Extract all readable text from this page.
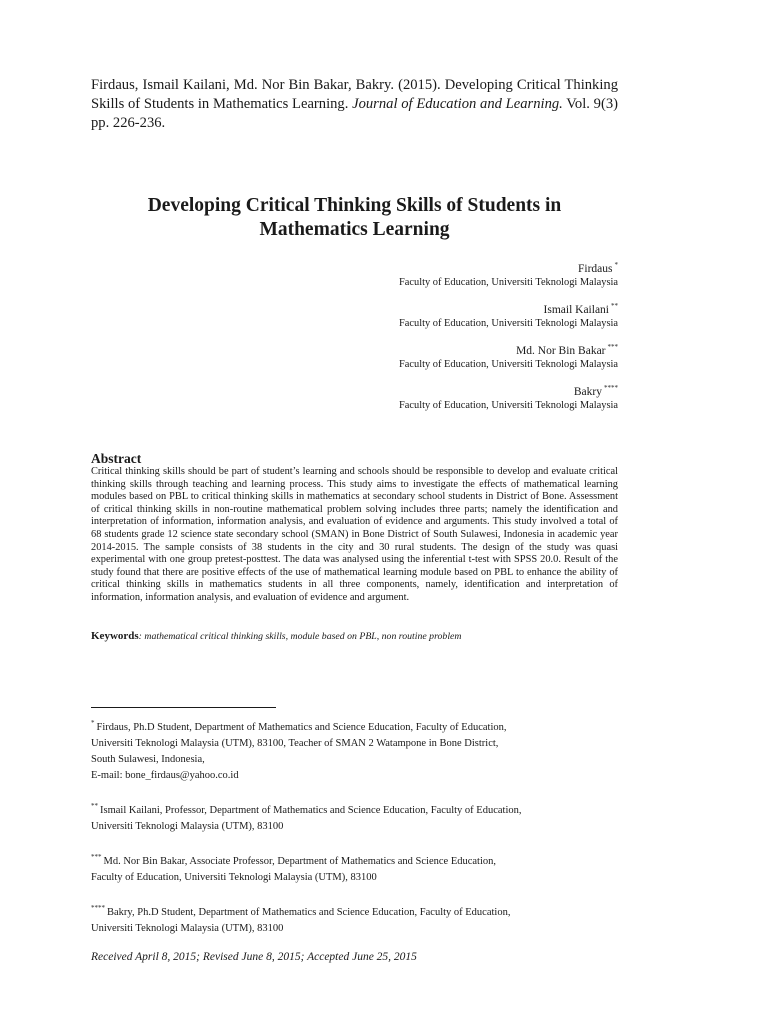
Firdaus, Ismail Kailani, Md. Nor Bin Bakar, Bakry. (2015). Developing Critical Thinking Skills of Students in Mathematics Learning. Journal of Education and Learning. Vol. 9(3) pp. 226-236.
Developing Critical Thinking Skills of Students in
Mathematics Learning
Firdaus *
Faculty of Education, Universiti Teknologi Malaysia
Ismail Kailani **
Faculty of Education, Universiti Teknologi Malaysia
Md. Nor Bin Bakar ***
Faculty of Education, Universiti Teknologi Malaysia
Bakry ****
Faculty of Education, Universiti Teknologi Malaysia
Abstract
Critical thinking skills should be part of student’s learning and schools should be responsible to develop and evaluate critical thinking skills through teaching and learning process. This study aims to investigate the effects of mathematical learning modules based on PBL to critical thinking skills in mathematics at secondary school students in District of Bone. Assessment of critical thinking skills in non-routine mathematical problem solving includes three parts; namely the identification and interpretation of information, information analysis, and evaluation of evidence and arguments. This study involved a total of 68 students grade 12 science state secondary school (SMAN) in Bone District of South Sulawesi, Indonesia in academic year 2014-2015. The sample consists of 38 students in the city and 30 rural students. The design of the study was quasi experimental with one group pretest-posttest. The data was analysed using the inferential t-test with SPSS 20.0. Result of the study found that there are positive effects of the use of mathematical learning module based on PBL to enhance the ability of critical thinking skills in mathematics students in all three components, namely, identification and interpretation of information, information analysis, and evaluation of evidence and argument.
Keywords: mathematical critical thinking skills, module based on PBL, non routine problem
* Firdaus, Ph.D Student, Department of Mathematics and Science Education, Faculty of Education,
Universiti Teknologi Malaysia (UTM), 83100, Teacher of SMAN 2 Watampone in Bone District,
South Sulawesi, Indonesia,
E-mail: bone_firdaus@yahoo.co.id
** Ismail Kailani, Professor, Department of Mathematics and Science Education, Faculty of Education,
Universiti Teknologi Malaysia (UTM), 83100
*** Md. Nor Bin Bakar, Associate Professor, Department of Mathematics and Science Education,
Faculty of Education, Universiti Teknologi Malaysia (UTM), 83100
**** Bakry, Ph.D Student, Department of Mathematics and Science Education, Faculty of Education,
Universiti Teknologi Malaysia (UTM), 83100
Received April 8, 2015; Revised June 8, 2015; Accepted June 25, 2015
